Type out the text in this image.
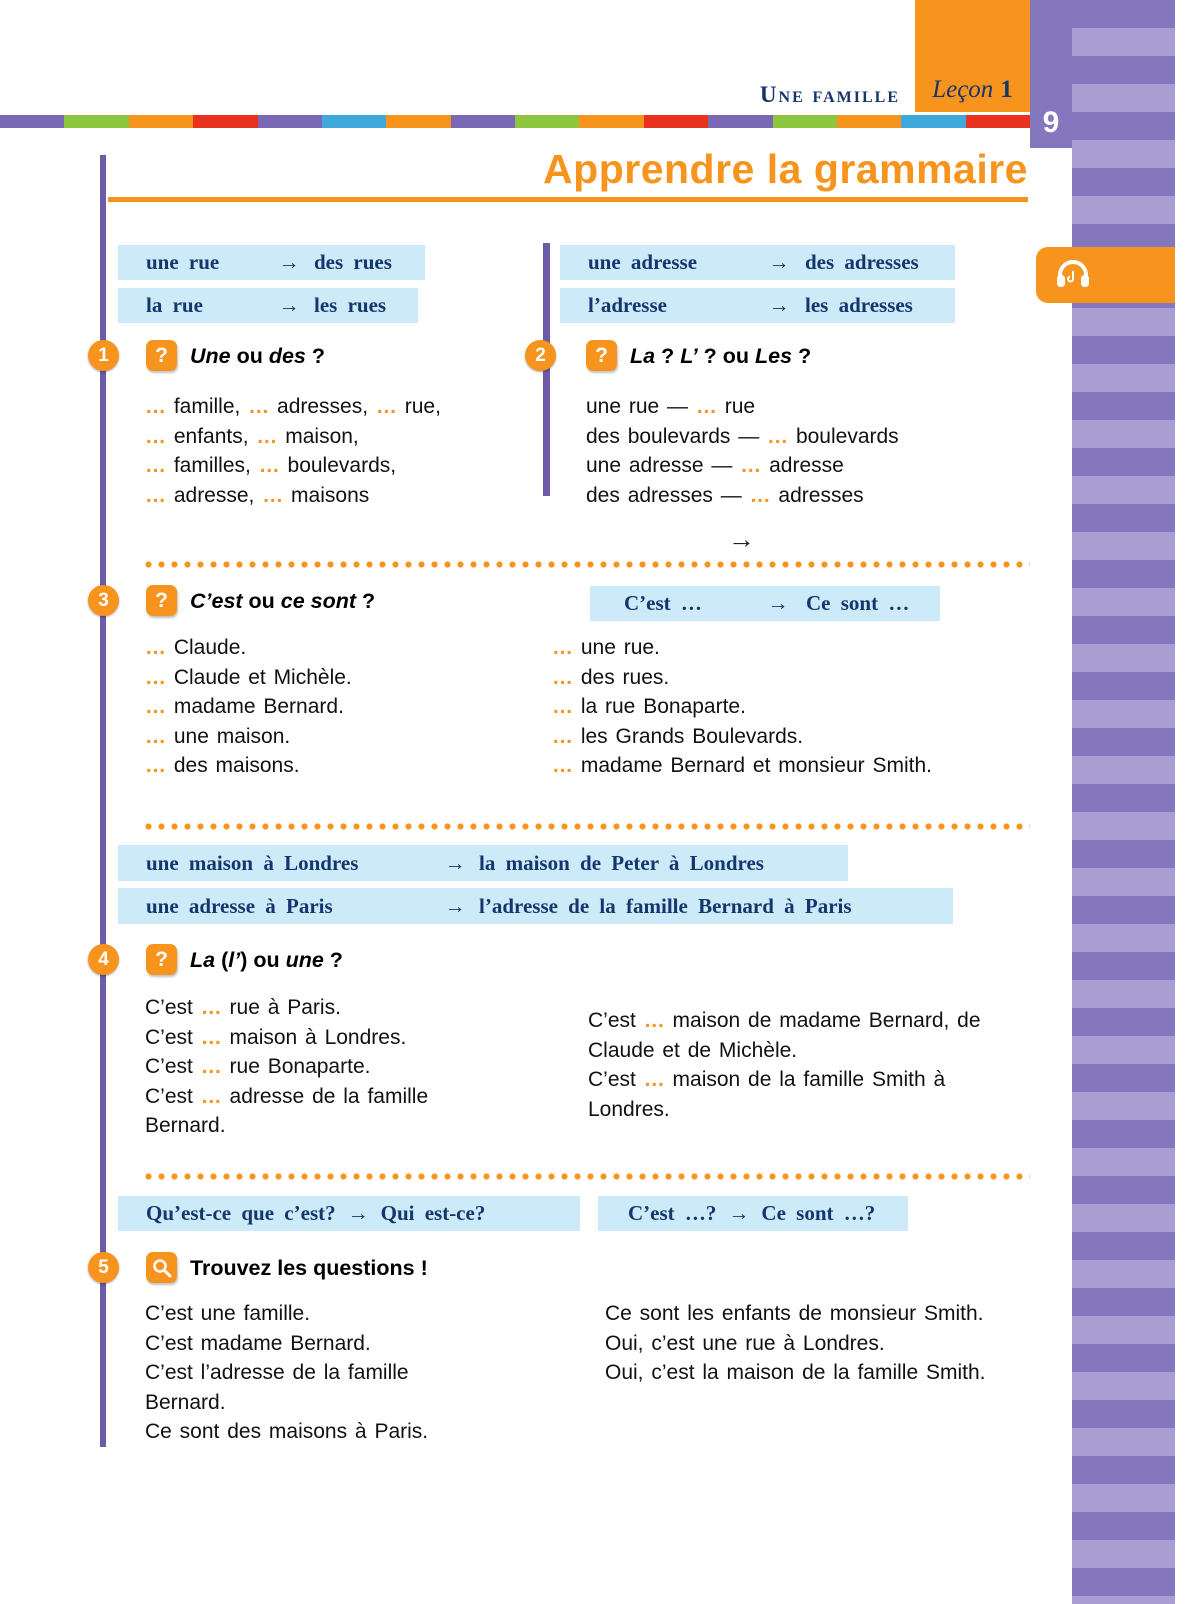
9
Une famille Leçon 1
Apprendre la grammaire
une rue	→ des rues
la rue	→ les rues
une adresse	→ des adresses
l’adresse	→ les adresses
1	?	Une ou des ?
… famille, … adresses, … rue,
… enfants, … maison,
… familles, … boulevards,
… adresse, … maisons
2	?	La ? L’ ? ou Les ?
une rue — … rue
des boulevards — … boulevards
une adresse — … adresse
des adresses — … adresses
→
3	?	C’est ou ce sont ?	C’est …	→ Ce sont …
… Claude.
… Claude et Michèle.
… madame Bernard.
… une maison.
… des maisons.
… une rue.
… des rues.
… la rue Bonaparte.
… les Grands Boulevards.
… madame Bernard et monsieur Smith.
une maison à Londres	→ la maison de Peter à Londres
une adresse à Paris	→ l’adresse de la famille Bernard à Paris
4	?	La (l’) ou une ?
C’est … rue à Paris.
C’est … maison à Londres.
C’est … rue Bonaparte.
C’est … adresse de la famille Bernard.
C’est … maison de madame Bernard, de Claude et de Michèle.
C’est … maison de la famille Smith à Londres.
Qu’est-ce que c’est? → Qui est-ce?	C’est …? → Ce sont …?
5	Trouvez les questions !
C’est une famille.
C’est madame Bernard.
C’est l’adresse de la famille Bernard.
Ce sont des maisons à Paris.
Ce sont les enfants de monsieur Smith.
Oui, c’est une rue à Londres.
Oui, c’est la maison de la famille Smith.
